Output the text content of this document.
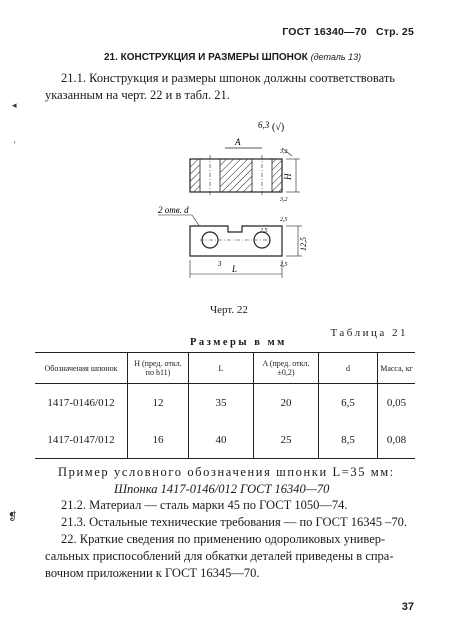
ГОСТ 16340—70 Стр. 25
21. КОНСТРУКЦИЯ И РАЗМЕРЫ ШПОНОК (деталь 13)
21.1. Конструкция и размеры шпонок должны соответствовать
указанным на черт. 22 и в табл. 21.
◂
'
6,3 (√)
A
3,2
H
3,2
2 отв. d
3 L
12,5
2,5
2,5
2,5
Черт. 22
Таблица 21
Размеры в мм
Обозначения шпонок	H (пред. откл. по h11)	L	A (пред. откл. ±0,2)	d	Масса, кг
1417-0146/012	12	35	20	6,5	0,05
1417-0147/012	16	40	25	8,5	0,08
Пример условного обозначения шпонки L=35 мм:
Шпонка 1417-0146/012 ГОСТ 16340—70
21.2. Материал — сталь марки 45 по ГОСТ 1050—74.
21.3. Остальные технические требования — по ГОСТ 16345 –70.
22. Краткие сведения по применению одороликовых универ-
сальных приспособлений для обкатки деталей приведены в спра-
вочном приложении к ГОСТ 16345—70.
❡
37
